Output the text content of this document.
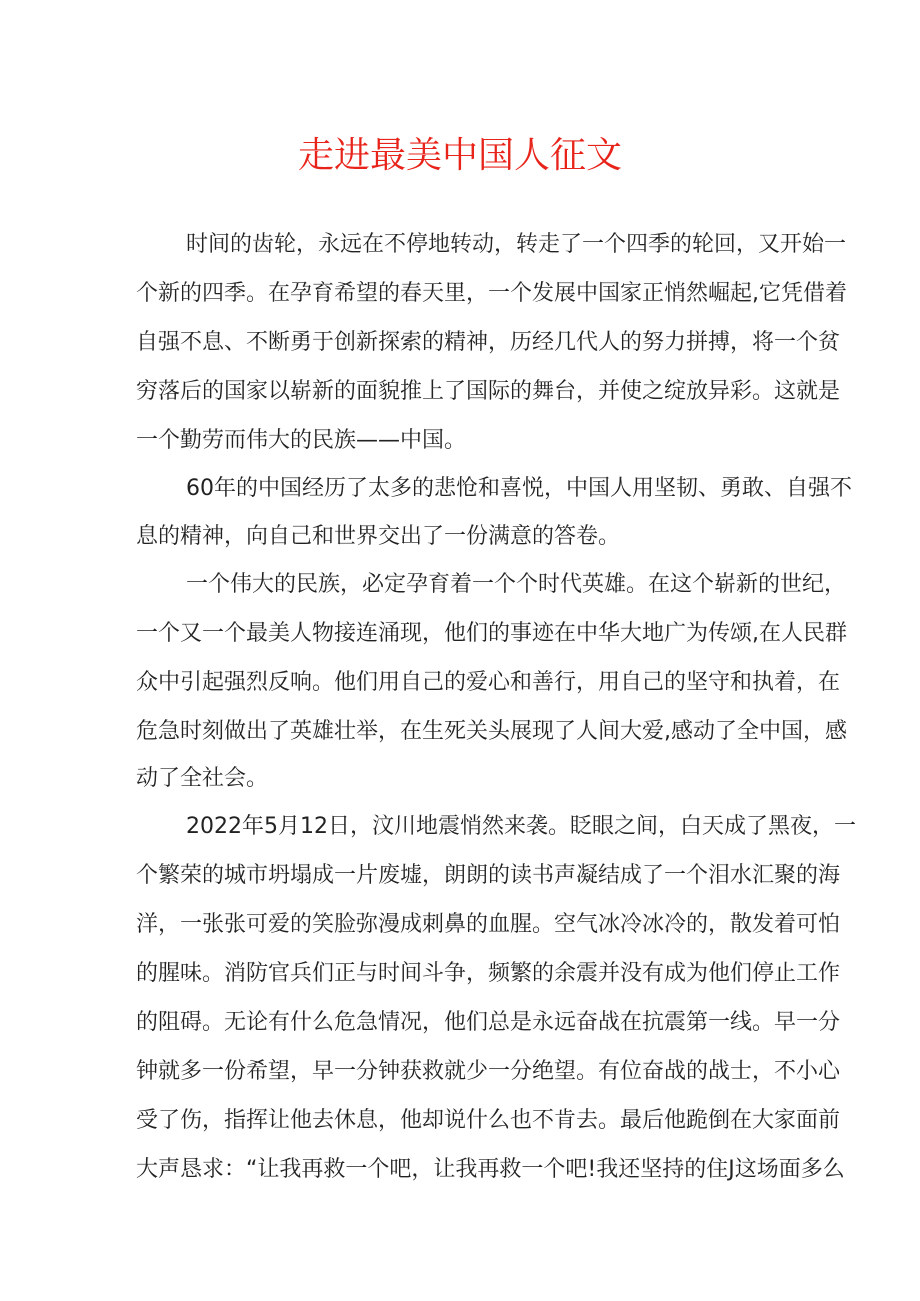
走进最美中国人征文

时间的齿轮，永远在不停地转动，转走了一个四季的轮回，又开始一

个新的四季。在孕育希望的春天里，一个发展中国家正悄然崛起,它凭借着

自强不息、不断勇于创新探索的精神，历经几代人的努力拼搏，将一个贫

穷落后的国家以崭新的面貌推上了国际的舞台，并使之绽放异彩。这就是

一个勤劳而伟大的民族——中国。

60年的中国经历了太多的悲怆和喜悦，中国人用坚韧、勇敢、自强不

息的精神，向自己和世界交出了一份满意的答卷。

一个伟大的民族，必定孕育着一个个时代英雄。在这个崭新的世纪，

一个又一个最美人物接连涌现，他们的事迹在中华大地广为传颂,在人民群

众中引起强烈反响。他们用自己的爱心和善行，用自己的坚守和执着，在

危急时刻做出了英雄壮举，在生死关头展现了人间大爱,感动了全中国，感

动了全社会。

2022年5月12日，汶川地震悄然来袭。眨眼之间，白天成了黑夜，一

个繁荣的城市坍塌成一片废墟，朗朗的读书声凝结成了一个泪水汇聚的海

洋，一张张可爱的笑脸弥漫成刺鼻的血腥。空气冰冷冰冷的，散发着可怕

的腥味。消防官兵们正与时间斗争，频繁的余震并没有成为他们停止工作

的阻碍。无论有什么危急情况，他们总是永远奋战在抗震第一线。早一分

钟就多一份希望，早一分钟获救就少一分绝望。有位奋战的战士，不小心

受了伤，指挥让他去休息，他却说什么也不肯去。最后他跪倒在大家面前

大声恳求：“让我再救一个吧，让我再救一个吧!我还坚持的住J这场面多么
